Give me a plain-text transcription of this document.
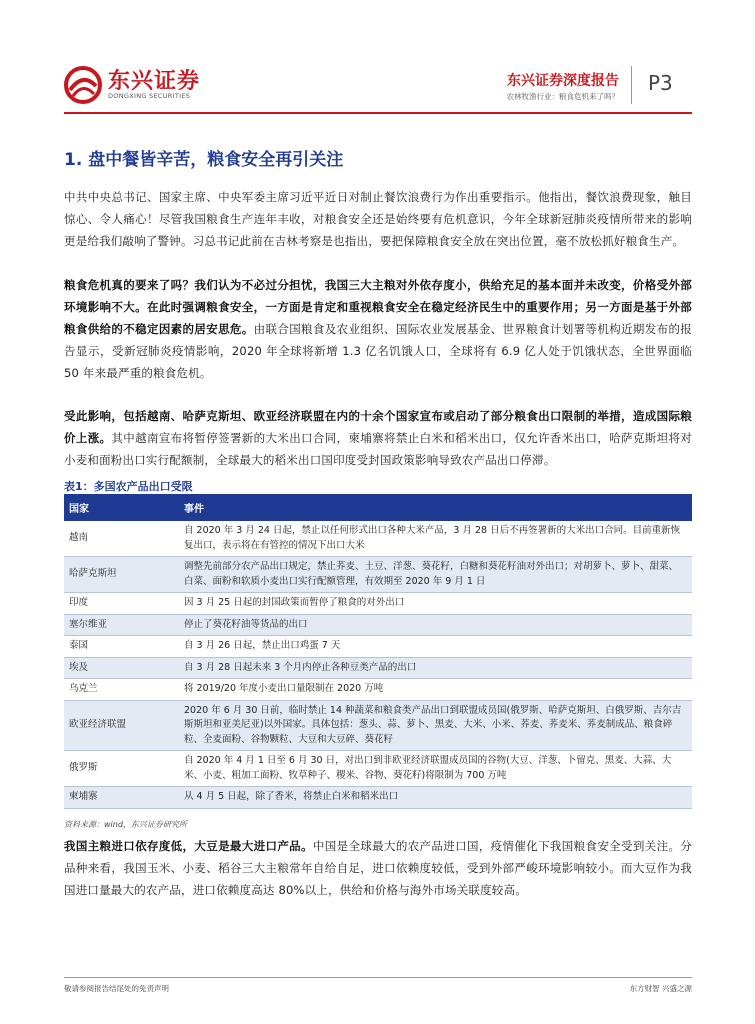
东兴证券
DONGXING SECURITIES
东兴证券深度报告
农林牧渔行业：粮食危机来了吗？
P3
1. 盘中餐皆辛苦，粮食安全再引关注
中共中央总书记、国家主席、中央军委主席习近平近日对制止餐饮浪费行为作出重要指示。他指出，餐饮浪费现象，触目惊心、令人痛心！尽管我国粮食生产连年丰收，对粮食安全还是始终要有危机意识，今年全球新冠肺炎疫情所带来的影响更是给我们敲响了警钟。习总书记此前在吉林考察是也指出，要把保障粮食安全放在突出位置，毫不放松抓好粮食生产。
粮食危机真的要来了吗？我们认为不必过分担忧，我国三大主粮对外依存度小，供给充足的基本面并未改变，价格受外部环境影响不大。在此时强调粮食安全，一方面是肯定和重视粮食安全在稳定经济民生中的重要作用；另一方面是基于外部粮食供给的不稳定因素的居安思危。由联合国粮食及农业组织、国际农业发展基金、世界粮食计划署等机构近期发布的报告显示，受新冠肺炎疫情影响，2020 年全球将新增 1.3 亿名饥饿人口，全球将有 6.9 亿人处于饥饿状态，全世界面临 50 年来最严重的粮食危机。
受此影响，包括越南、哈萨克斯坦、欧亚经济联盟在内的十余个国家宣布或启动了部分粮食出口限制的举措，造成国际粮价上涨。其中越南宣布将暂停签署新的大米出口合同，柬埔寨将禁止白米和稻米出口，仅允许香米出口，哈萨克斯坦将对小麦和面粉出口实行配额制，全球最大的稻米出口国印度受封国政策影响导致农产品出口停滞。
表1：多国农产品出口受限
国家	事件
越南	自 2020 年 3 月 24 日起，禁止以任何形式出口各种大米产品，3 月 28 日后不再签署新的大米出口合同。目前重新恢复出口，表示将在有管控的情况下出口大米
哈萨克斯坦	调整先前部分农产品出口规定，禁止荞麦、土豆、洋葱、葵花籽，白糖和葵花籽油对外出口；对胡萝卜、萝卜、甜菜、白菜、面粉和软质小麦出口实行配额管理，有效期至 2020 年 9 月 1 日
印度	因 3 月 25 日起的封国政策而暂停了粮食的对外出口
塞尔维亚	停止了葵花籽油等货品的出口
泰国	自 3 月 26 日起，禁止出口鸡蛋 7 天
埃及	自 3 月 28 日起未来 3 个月内停止各种豆类产品的出口
乌克兰	将 2019/20 年度小麦出口量限制在 2020 万吨
欧亚经济联盟	2020 年 6 月 30 日前，临时禁止 14 种蔬菜和粮食类产品出口到联盟成员国(俄罗斯、哈萨克斯坦、白俄罗斯、吉尔吉斯斯坦和亚美尼亚)以外国家。具体包括：葱头、蒜、萝卜、黑麦、大米、小米、荞麦、荞麦米、荞麦制成品、粮食碎粒、全麦面粉、谷物颗粒、大豆和大豆碎、葵花籽
俄罗斯	自 2020 年 4 月 1 日至 6 月 30 日，对出口到非欧亚经济联盟成员国的谷物(大豆、洋葱、卜留克、黑麦、大蒜、大米、小麦、粗加工面粉、牧草种子、稷米、谷物、葵花籽)将限制为 700 万吨
柬埔寨	从 4 月 5 日起，除了香米，将禁止白米和稻米出口
资料来源：wind，东兴证券研究所
我国主粮进口依存度低，大豆是最大进口产品。中国是全球最大的农产品进口国，疫情催化下我国粮食安全受到关注。分品种来看，我国玉米、小麦、稻谷三大主粮常年自给自足，进口依赖度较低，受到外部严峻环境影响较小。而大豆作为我国进口量最大的农产品，进口依赖度高达 80%以上，供给和价格与海外市场关联度较高。
敬请参阅报告结尾处的免责声明	东方财智 兴盛之源
